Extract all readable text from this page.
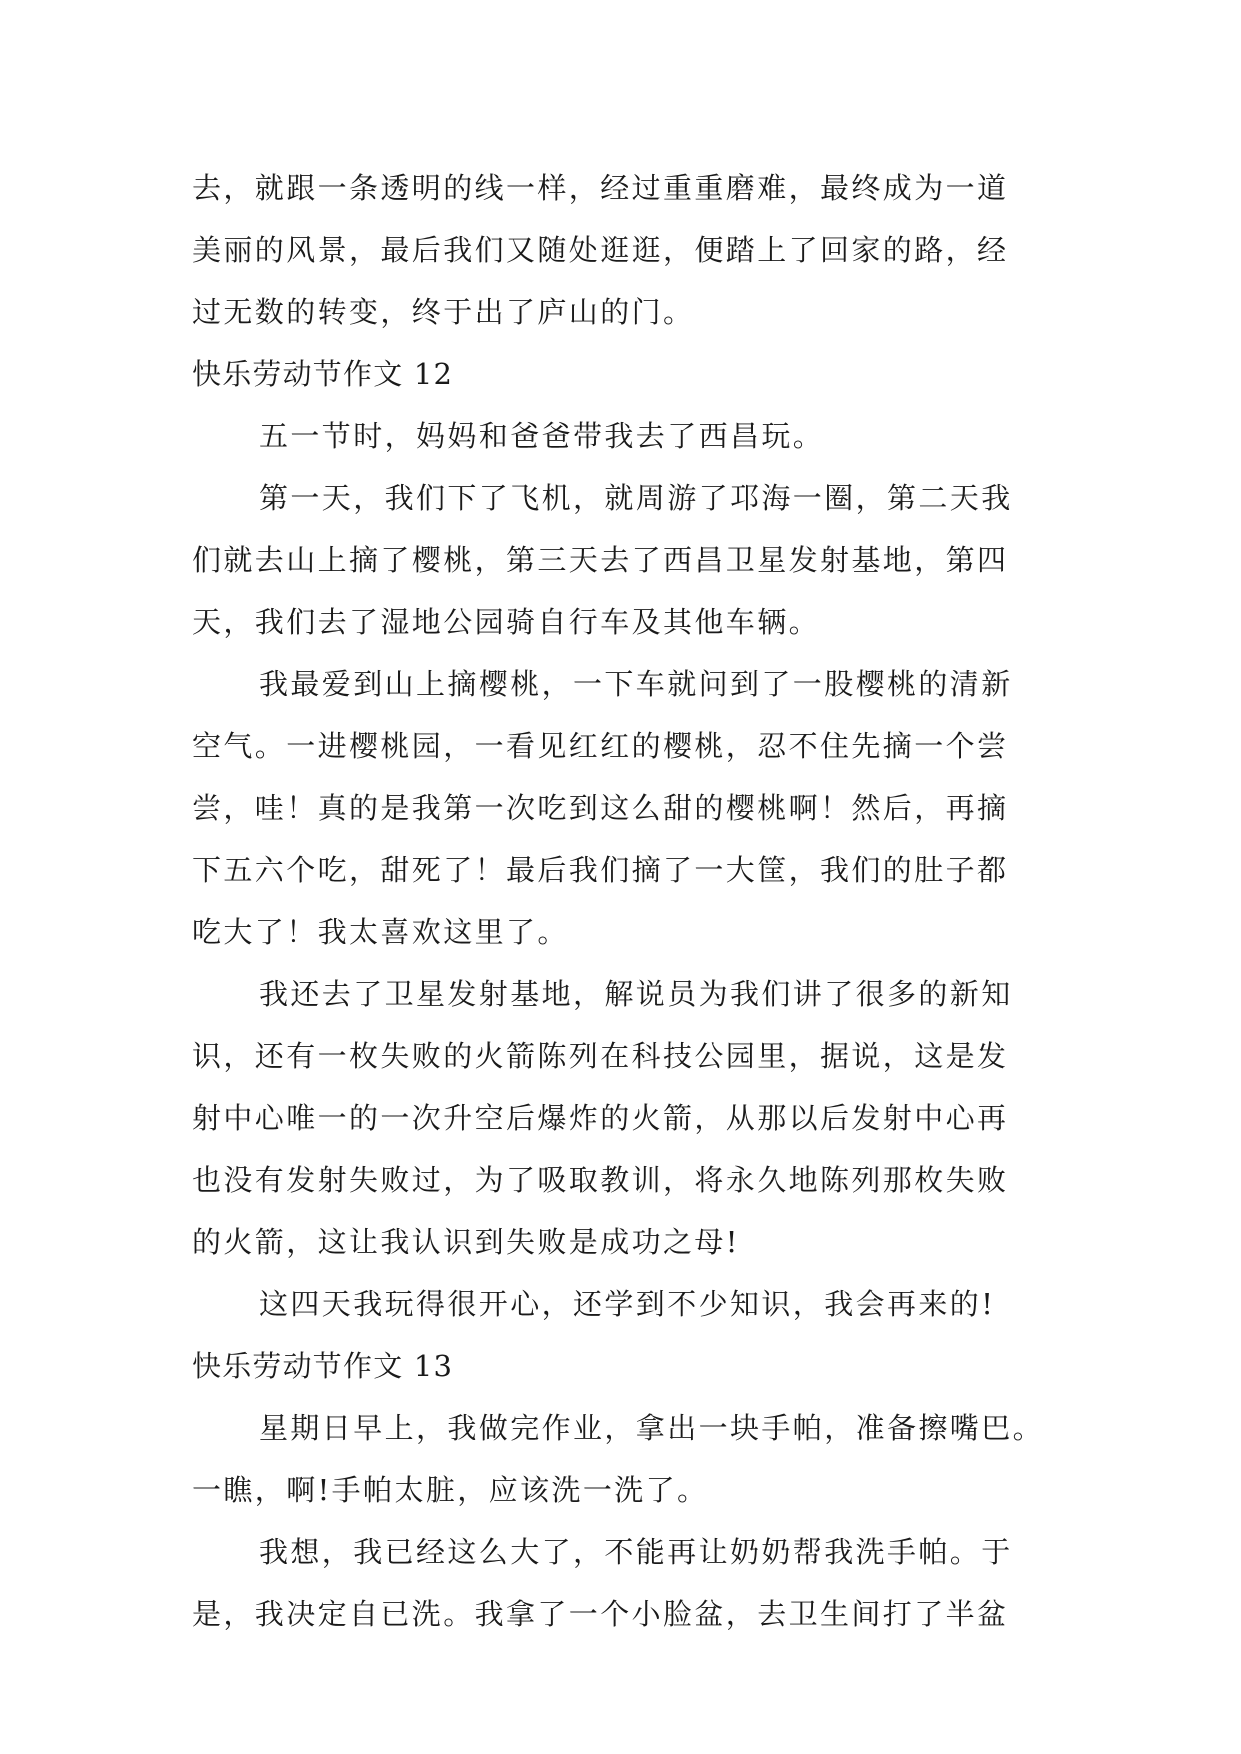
去，就跟一条透明的线一样，经过重重磨难，最终成为一道
美丽的风景，最后我们又随处逛逛，便踏上了回家的路，经
过无数的转变，终于出了庐山的门。
快乐劳动节作文 12
五一节时，妈妈和爸爸带我去了西昌玩。
第一天，我们下了飞机，就周游了邛海一圈，第二天我
们就去山上摘了樱桃，第三天去了西昌卫星发射基地，第四
天，我们去了湿地公园骑自行车及其他车辆。
我最爱到山上摘樱桃，一下车就问到了一股樱桃的清新
空气。一进樱桃园，一看见红红的樱桃，忍不住先摘一个尝
尝，哇！真的是我第一次吃到这么甜的樱桃啊！然后，再摘
下五六个吃，甜死了！最后我们摘了一大筐，我们的肚子都
吃大了！我太喜欢这里了。
我还去了卫星发射基地，解说员为我们讲了很多的新知
识，还有一枚失败的火箭陈列在科技公园里，据说，这是发
射中心唯一的一次升空后爆炸的火箭，从那以后发射中心再
也没有发射失败过，为了吸取教训，将永久地陈列那枚失败
的火箭，这让我认识到失败是成功之母!
这四天我玩得很开心，还学到不少知识，我会再来的!
快乐劳动节作文 13
星期日早上，我做完作业，拿出一块手帕，准备擦嘴巴。
一瞧，啊!手帕太脏，应该洗一洗了。
我想，我已经这么大了，不能再让奶奶帮我洗手帕。于
是，我决定自已洗。我拿了一个小脸盆，去卫生间打了半盆
